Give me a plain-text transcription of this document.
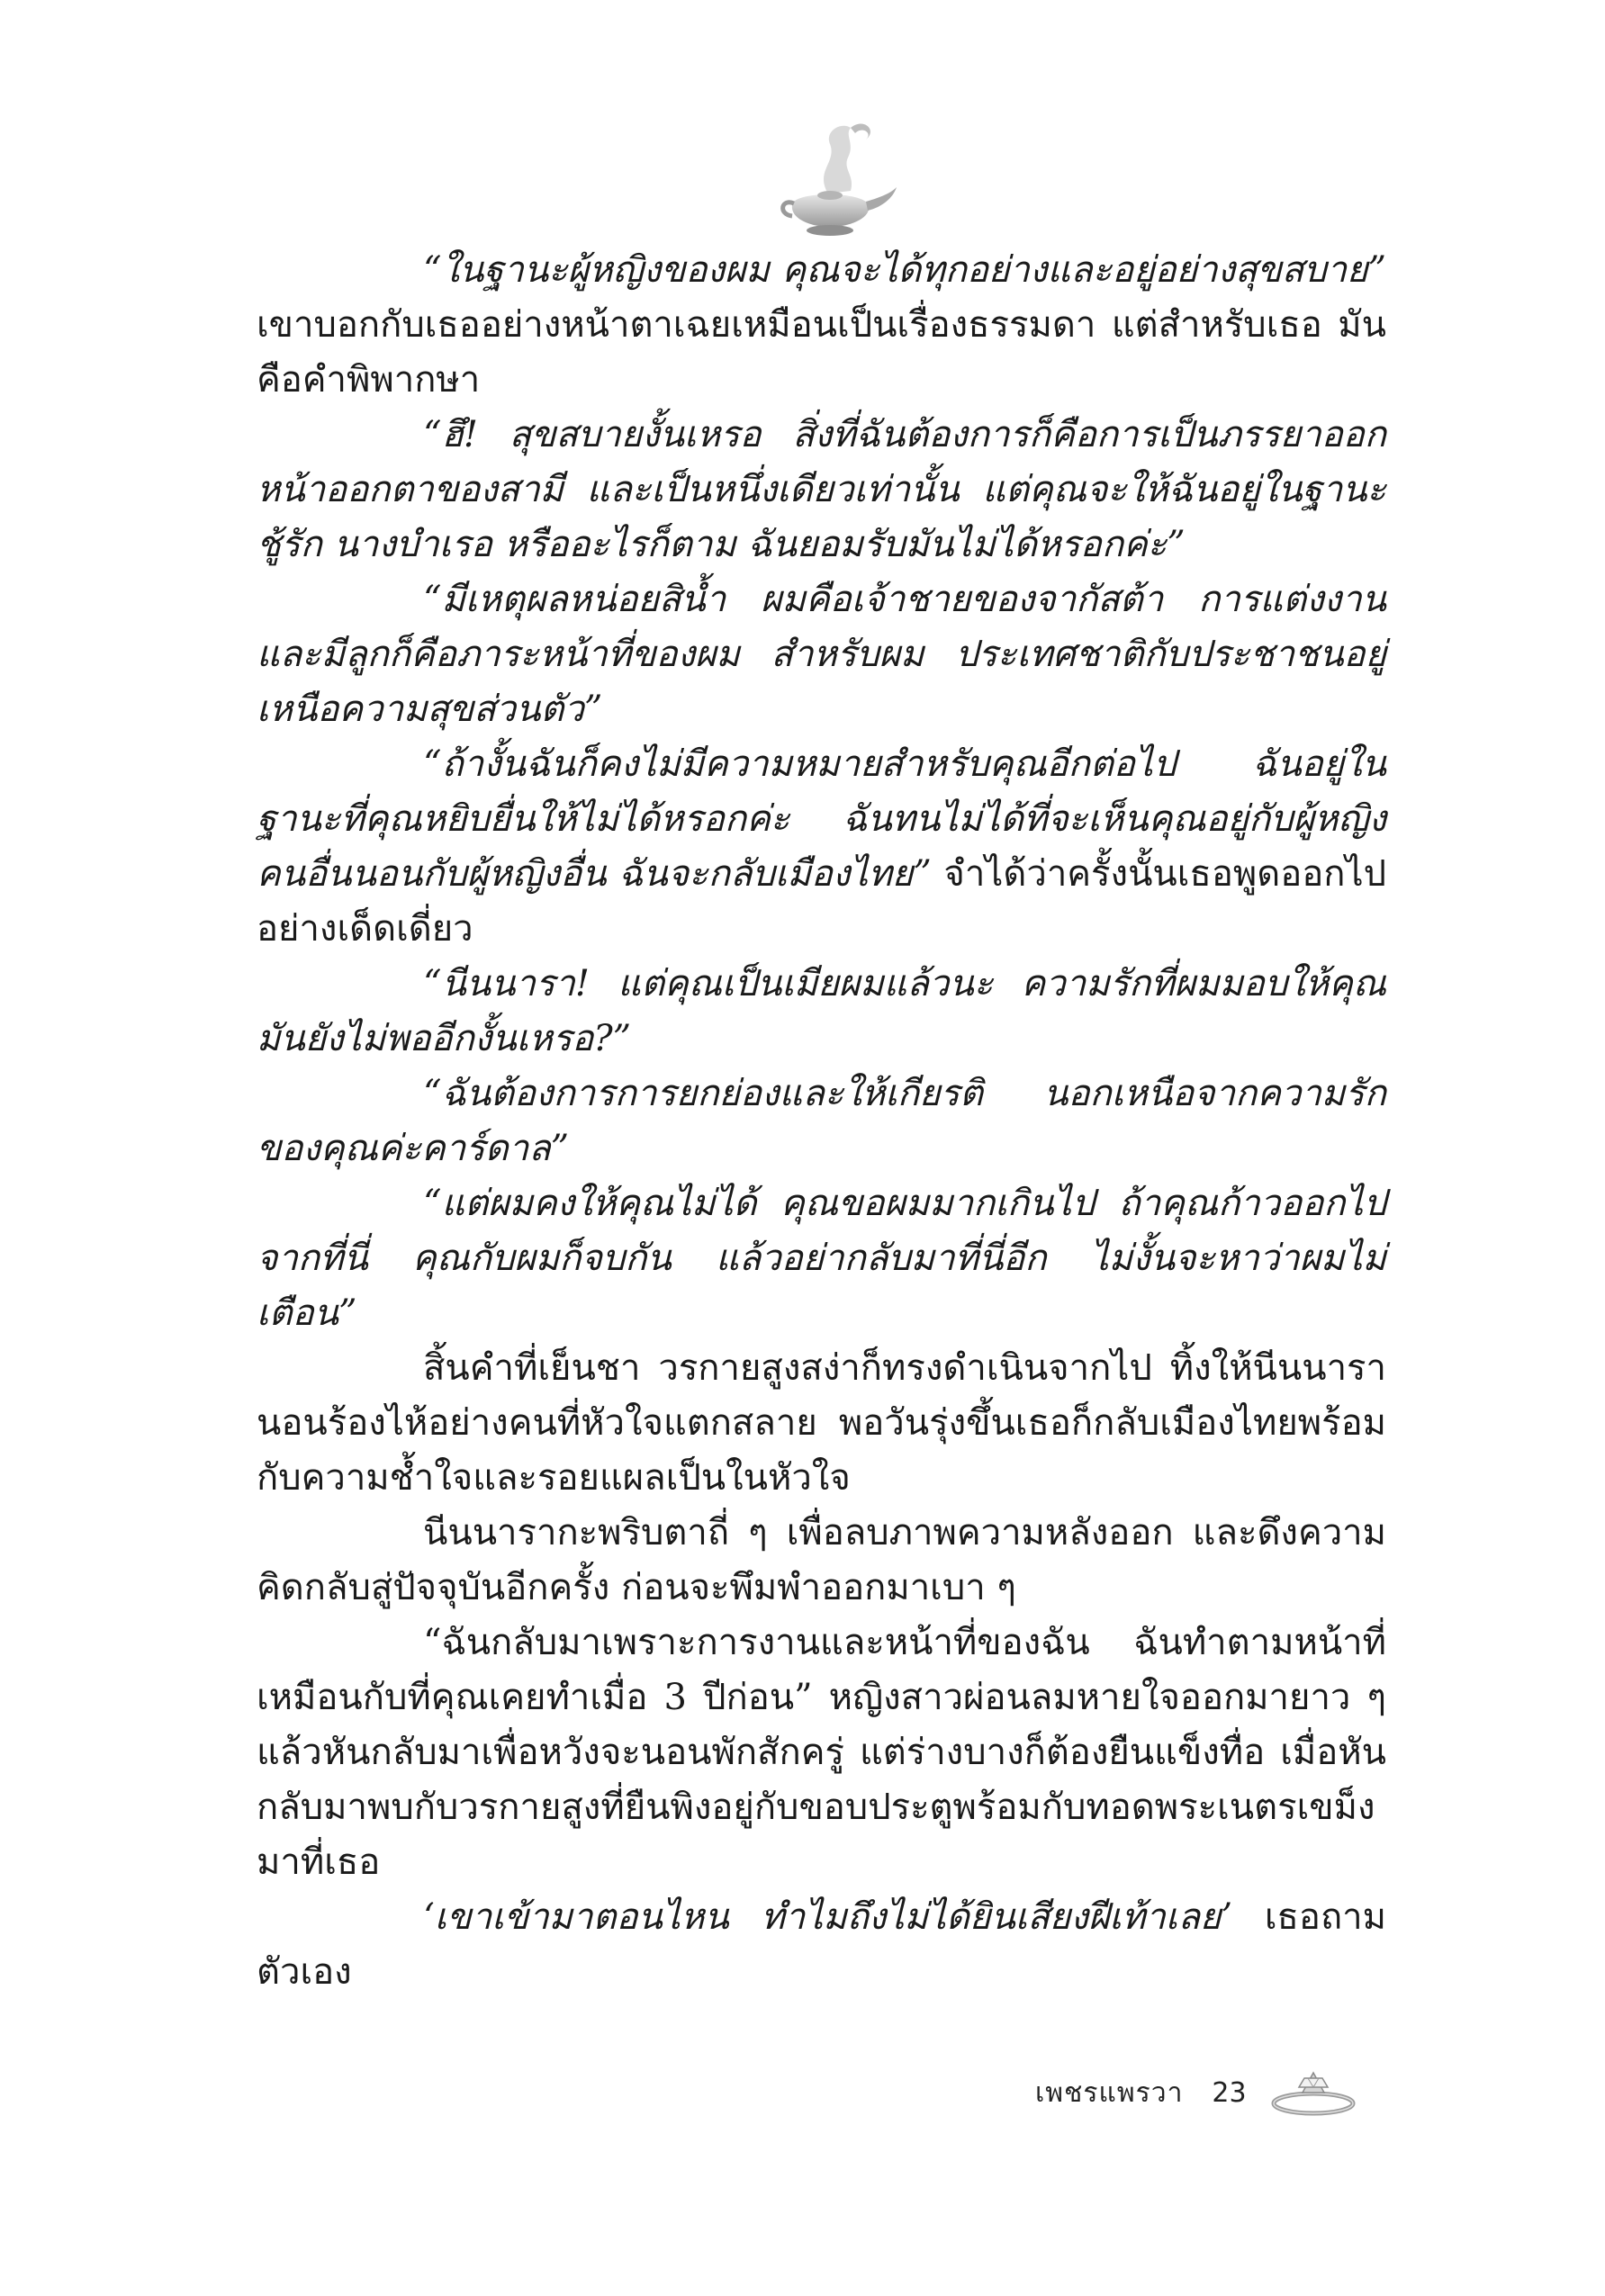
“ในฐานะผู้หญิงของผม คุณจะได้ทุกอย่างและอยู่อย่างสุขสบาย” เขาบอกกับเธออย่างหน้าตาเฉยเหมือนเป็นเรื่องธรรมดา แต่สำหรับเธอ มันคือคำพิพากษา

“ฮึ! สุขสบายงั้นเหรอ สิ่งที่ฉันต้องการก็คือการเป็นภรรยาออกหน้าออกตาของสามี และเป็นหนึ่งเดียวเท่านั้น แต่คุณจะให้ฉันอยู่ในฐานะชู้รัก นางบำเรอ หรืออะไรก็ตาม ฉันยอมรับมันไม่ได้หรอกค่ะ”

“มีเหตุผลหน่อยสิน้ำ ผมคือเจ้าชายของจากัสต้า การแต่งงานและมีลูกก็คือภาระหน้าที่ของผม สำหรับผม ประเทศชาติกับประชาชนอยู่เหนือความสุขส่วนตัว”

“ถ้างั้นฉันก็คงไม่มีความหมายสำหรับคุณอีกต่อไป ฉันอยู่ในฐานะที่คุณหยิบยื่นให้ไม่ได้หรอกค่ะ ฉันทนไม่ได้ที่จะเห็นคุณอยู่กับผู้หญิงคนอื่นนอนกับผู้หญิงอื่น ฉันจะกลับเมืองไทย” จำได้ว่าครั้งนั้นเธอพูดออกไปอย่างเด็ดเดี่ยว

“นีนนารา! แต่คุณเป็นเมียผมแล้วนะ ความรักที่ผมมอบให้คุณมันยังไม่พออีกงั้นเหรอ?”

“ฉันต้องการการยกย่องและให้เกียรติ นอกเหนือจากความรักของคุณค่ะคาร์ดาล”

“แต่ผมคงให้คุณไม่ได้ คุณขอผมมากเกินไป ถ้าคุณก้าวออกไปจากที่นี่ คุณกับผมก็จบกัน แล้วอย่ากลับมาที่นี่อีก ไม่งั้นจะหาว่าผมไม่เตือน”

สิ้นคำที่เย็นชา วรกายสูงสง่าก็ทรงดำเนินจากไป ทิ้งให้นีนนารานอนร้องไห้อย่างคนที่หัวใจแตกสลาย พอวันรุ่งขึ้นเธอก็กลับเมืองไทยพร้อมกับความช้ำใจและรอยแผลเป็นในหัวใจ

นีนนารากะพริบตาถี่ ๆ เพื่อลบภาพความหลังออก และดึงความคิดกลับสู่ปัจจุบันอีกครั้ง ก่อนจะพึมพำออกมาเบา ๆ

“ฉันกลับมาเพราะการงานและหน้าที่ของฉัน ฉันทำตามหน้าที่เหมือนกับที่คุณเคยทำเมื่อ 3 ปีก่อน” หญิงสาวผ่อนลมหายใจออกมายาว ๆ แล้วหันกลับมาเพื่อหวังจะนอนพักสักครู่ แต่ร่างบางก็ต้องยืนแข็งทื่อ เมื่อหันกลับมาพบกับวรกายสูงที่ยืนพิงอยู่กับขอบประตูพร้อมกับทอดพระเนตรเขม็งมาที่เธอ

‘เขาเข้ามาตอนไหน ทำไมถึงไม่ได้ยินเสียงฝีเท้าเลย’ เธอถามตัวเอง

เพชรแพรวา 23
